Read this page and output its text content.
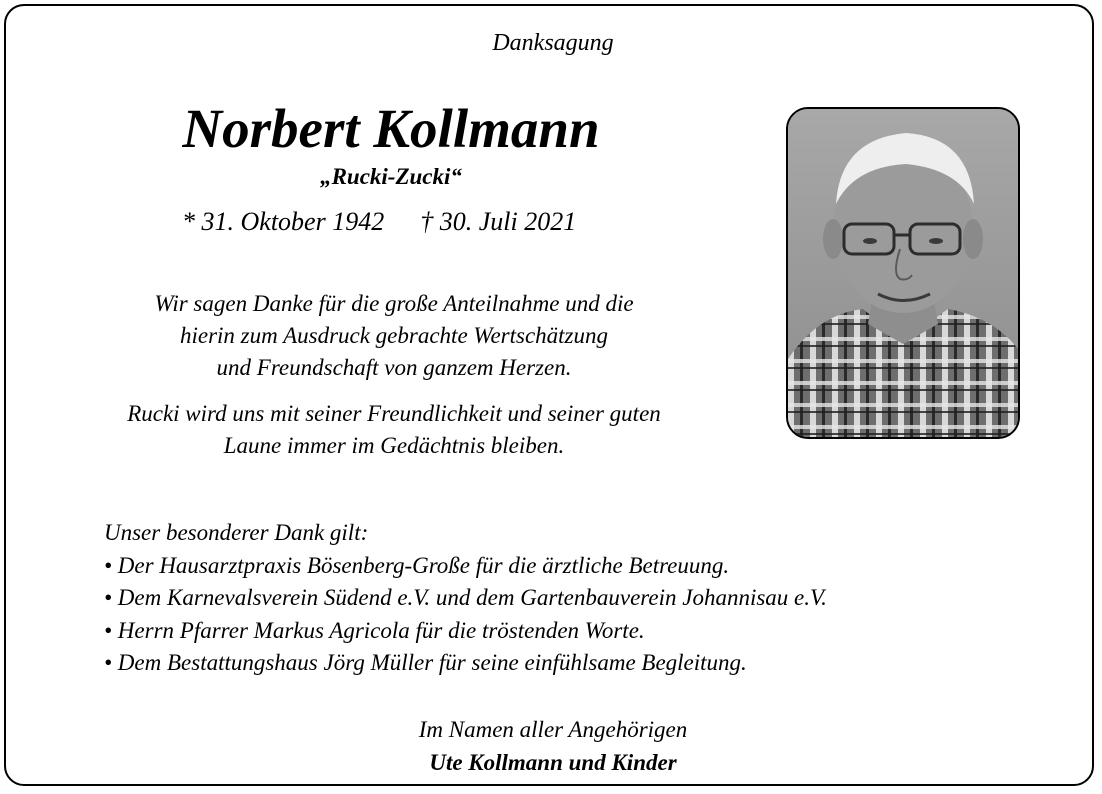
Danksagung
Norbert Kollmann
„Rucki-Zucki“
* 31. Oktober 1942 † 30. Juli 2021
Wir sagen Danke für die große Anteilnahme und die
hierin zum Ausdruck gebrachte Wertschätzung
und Freundschaft von ganzem Herzen.
Rucki wird uns mit seiner Freundlichkeit und seiner guten
Laune immer im Gedächtnis bleiben.
Unser besonderer Dank gilt:
• Der Hausarztpraxis Bösenberg-Große für die ärztliche Betreuung.
• Dem Karnevalsverein Südend e.V. und dem Gartenbauverein Johannisau e.V.
• Herrn Pfarrer Markus Agricola für die tröstenden Worte.
• Dem Bestattungshaus Jörg Müller für seine einfühlsame Begleitung.
Im Namen aller Angehörigen
Ute Kollmann und Kinder
